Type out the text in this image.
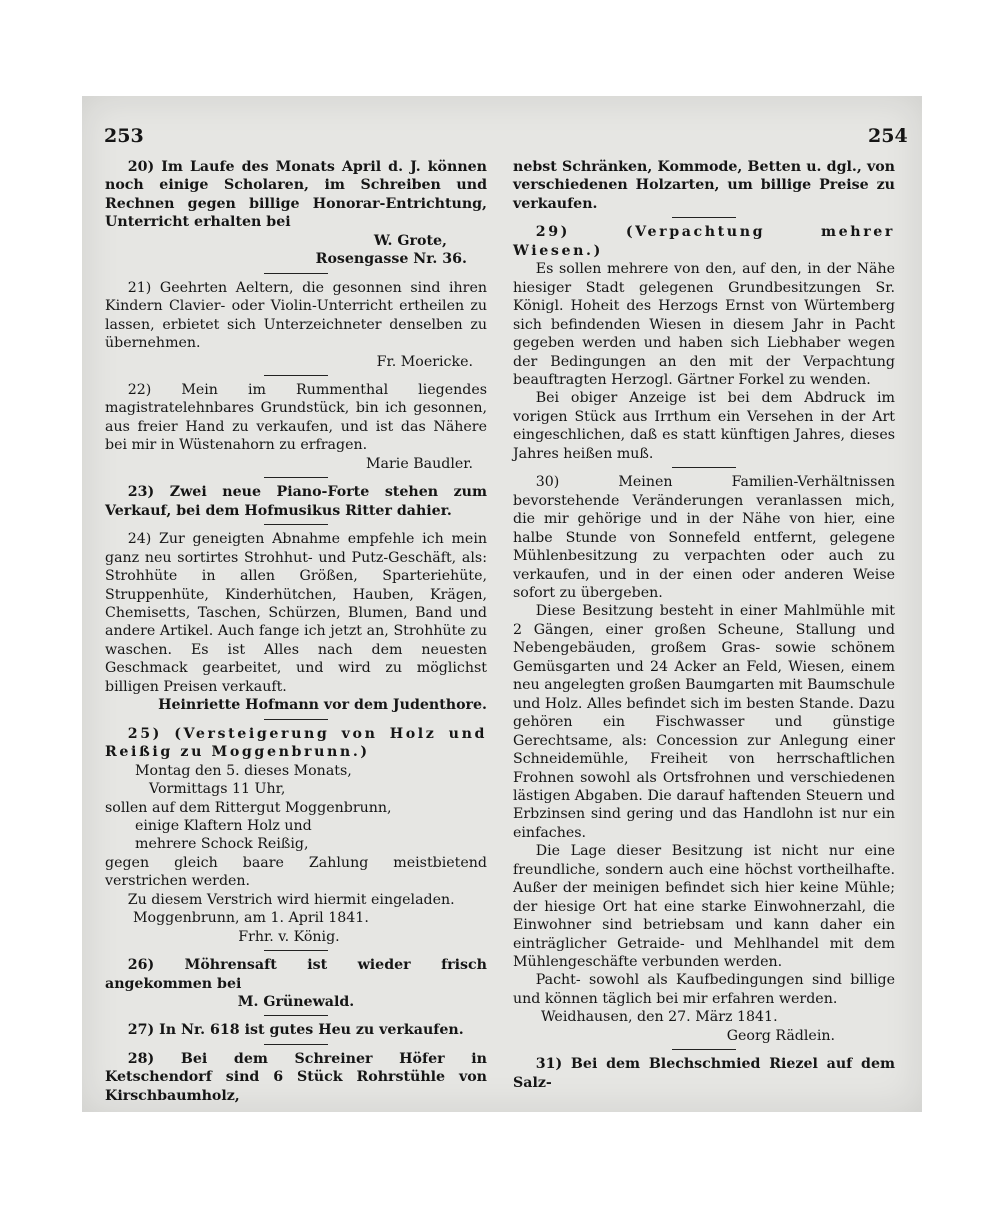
253	254

20) Im Laufe des Monats April d. J. können noch einige Scholaren, im Schreiben und Rechnen gegen billige Honorar-Entrichtung, Unterricht erhalten bei

W. Grote,

Rosengasse Nr. 36.

21) Geehrten Aeltern, die gesonnen sind ihren Kindern Clavier- oder Violin-Unterricht ertheilen zu lassen, erbietet sich Unterzeichneter denselben zu übernehmen.

Fr. Moericke.

22) Mein im Rummenthal liegendes magistratelehnbares Grundstück, bin ich gesonnen, aus freier Hand zu verkaufen, und ist das Nähere bei mir in Wüstenahorn zu erfragen.

Marie Baudler.

23) Zwei neue Piano-Forte stehen zum Verkauf, bei dem Hofmusikus Ritter dahier.

24) Zur geneigten Abnahme empfehle ich mein ganz neu sortirtes Strohhut- und Putz-Geschäft, als: Strohhüte in allen Größen, Sparteriehüte, Struppenhüte, Kinderhütchen, Hauben, Krägen, Chemisetts, Taschen, Schürzen, Blumen, Band und andere Artikel. Auch fange ich jetzt an, Strohhüte zu waschen. Es ist Alles nach dem neuesten Geschmack gearbeitet, und wird zu möglichst billigen Preisen verkauft.

Heinriette Hofmann vor dem Judenthore.

25) (Versteigerung von Holz und Reißig zu Moggenbrunn.)

Montag den 5. dieses Monats,
Vormittags 11 Uhr,
sollen auf dem Rittergut Moggenbrunn,
einige Klaftern Holz und
mehrere Schock Reißig,

gegen gleich baare Zahlung meistbietend verstrichen werden.

Zu diesem Verstrich wird hiermit eingeladen.

Moggenbrunn, am 1. April 1841.

Frhr. v. König.

26) Möhrensaft ist wieder frisch angekommen bei

M. Grünewald.

27) In Nr. 618 ist gutes Heu zu verkaufen.

28) Bei dem Schreiner Höfer in Ketschendorf sind 6 Stück Rohrstühle von Kirschbaumholz,

nebst Schränken, Kommode, Betten u. dgl., von verschiedenen Holzarten, um billige Preise zu verkaufen.

29) (Verpachtung mehrer Wiesen.)

Es sollen mehrere von den, auf den, in der Nähe hiesiger Stadt gelegenen Grundbesitzungen Sr. Königl. Hoheit des Herzogs Ernst von Würtemberg sich befindenden Wiesen in diesem Jahr in Pacht gegeben werden und haben sich Liebhaber wegen der Bedingungen an den mit der Verpachtung beauftragten Herzogl. Gärtner Forkel zu wenden.

Bei obiger Anzeige ist bei dem Abdruck im vorigen Stück aus Irrthum ein Versehen in der Art eingeschlichen, daß es statt künftigen Jahres, dieses Jahres heißen muß.

30) Meinen Familien-Verhältnissen bevorstehende Veränderungen veranlassen mich, die mir gehörige und in der Nähe von hier, eine halbe Stunde von Sonnefeld entfernt, gelegene Mühlenbesitzung zu verpachten oder auch zu verkaufen, und in der einen oder anderen Weise sofort zu übergeben.

Diese Besitzung besteht in einer Mahlmühle mit 2 Gängen, einer großen Scheune, Stallung und Nebengebäuden, großem Gras- sowie schönem Gemüsgarten und 24 Acker an Feld, Wiesen, einem neu angelegten großen Baumgarten mit Baumschule und Holz. Alles befindet sich im besten Stande. Dazu gehören ein Fischwasser und günstige Gerechtsame, als: Concession zur Anlegung einer Schneidemühle, Freiheit von herrschaftlichen Frohnen sowohl als Ortsfrohnen und verschiedenen lästigen Abgaben. Die darauf haftenden Steuern und Erbzinsen sind gering und das Handlohn ist nur ein einfaches.

Die Lage dieser Besitzung ist nicht nur eine freundliche, sondern auch eine höchst vortheilhafte. Außer der meinigen befindet sich hier keine Mühle; der hiesige Ort hat eine starke Einwohnerzahl, die Einwohner sind betriebsam und kann daher ein einträglicher Getraide- und Mehlhandel mit dem Mühlengeschäfte verbunden werden.

Pacht- sowohl als Kaufbedingungen sind billige und können täglich bei mir erfahren werden.

Weidhausen, den 27. März 1841.

Georg Rädlein.

31) Bei dem Blechschmied Riezel auf dem Salz-
